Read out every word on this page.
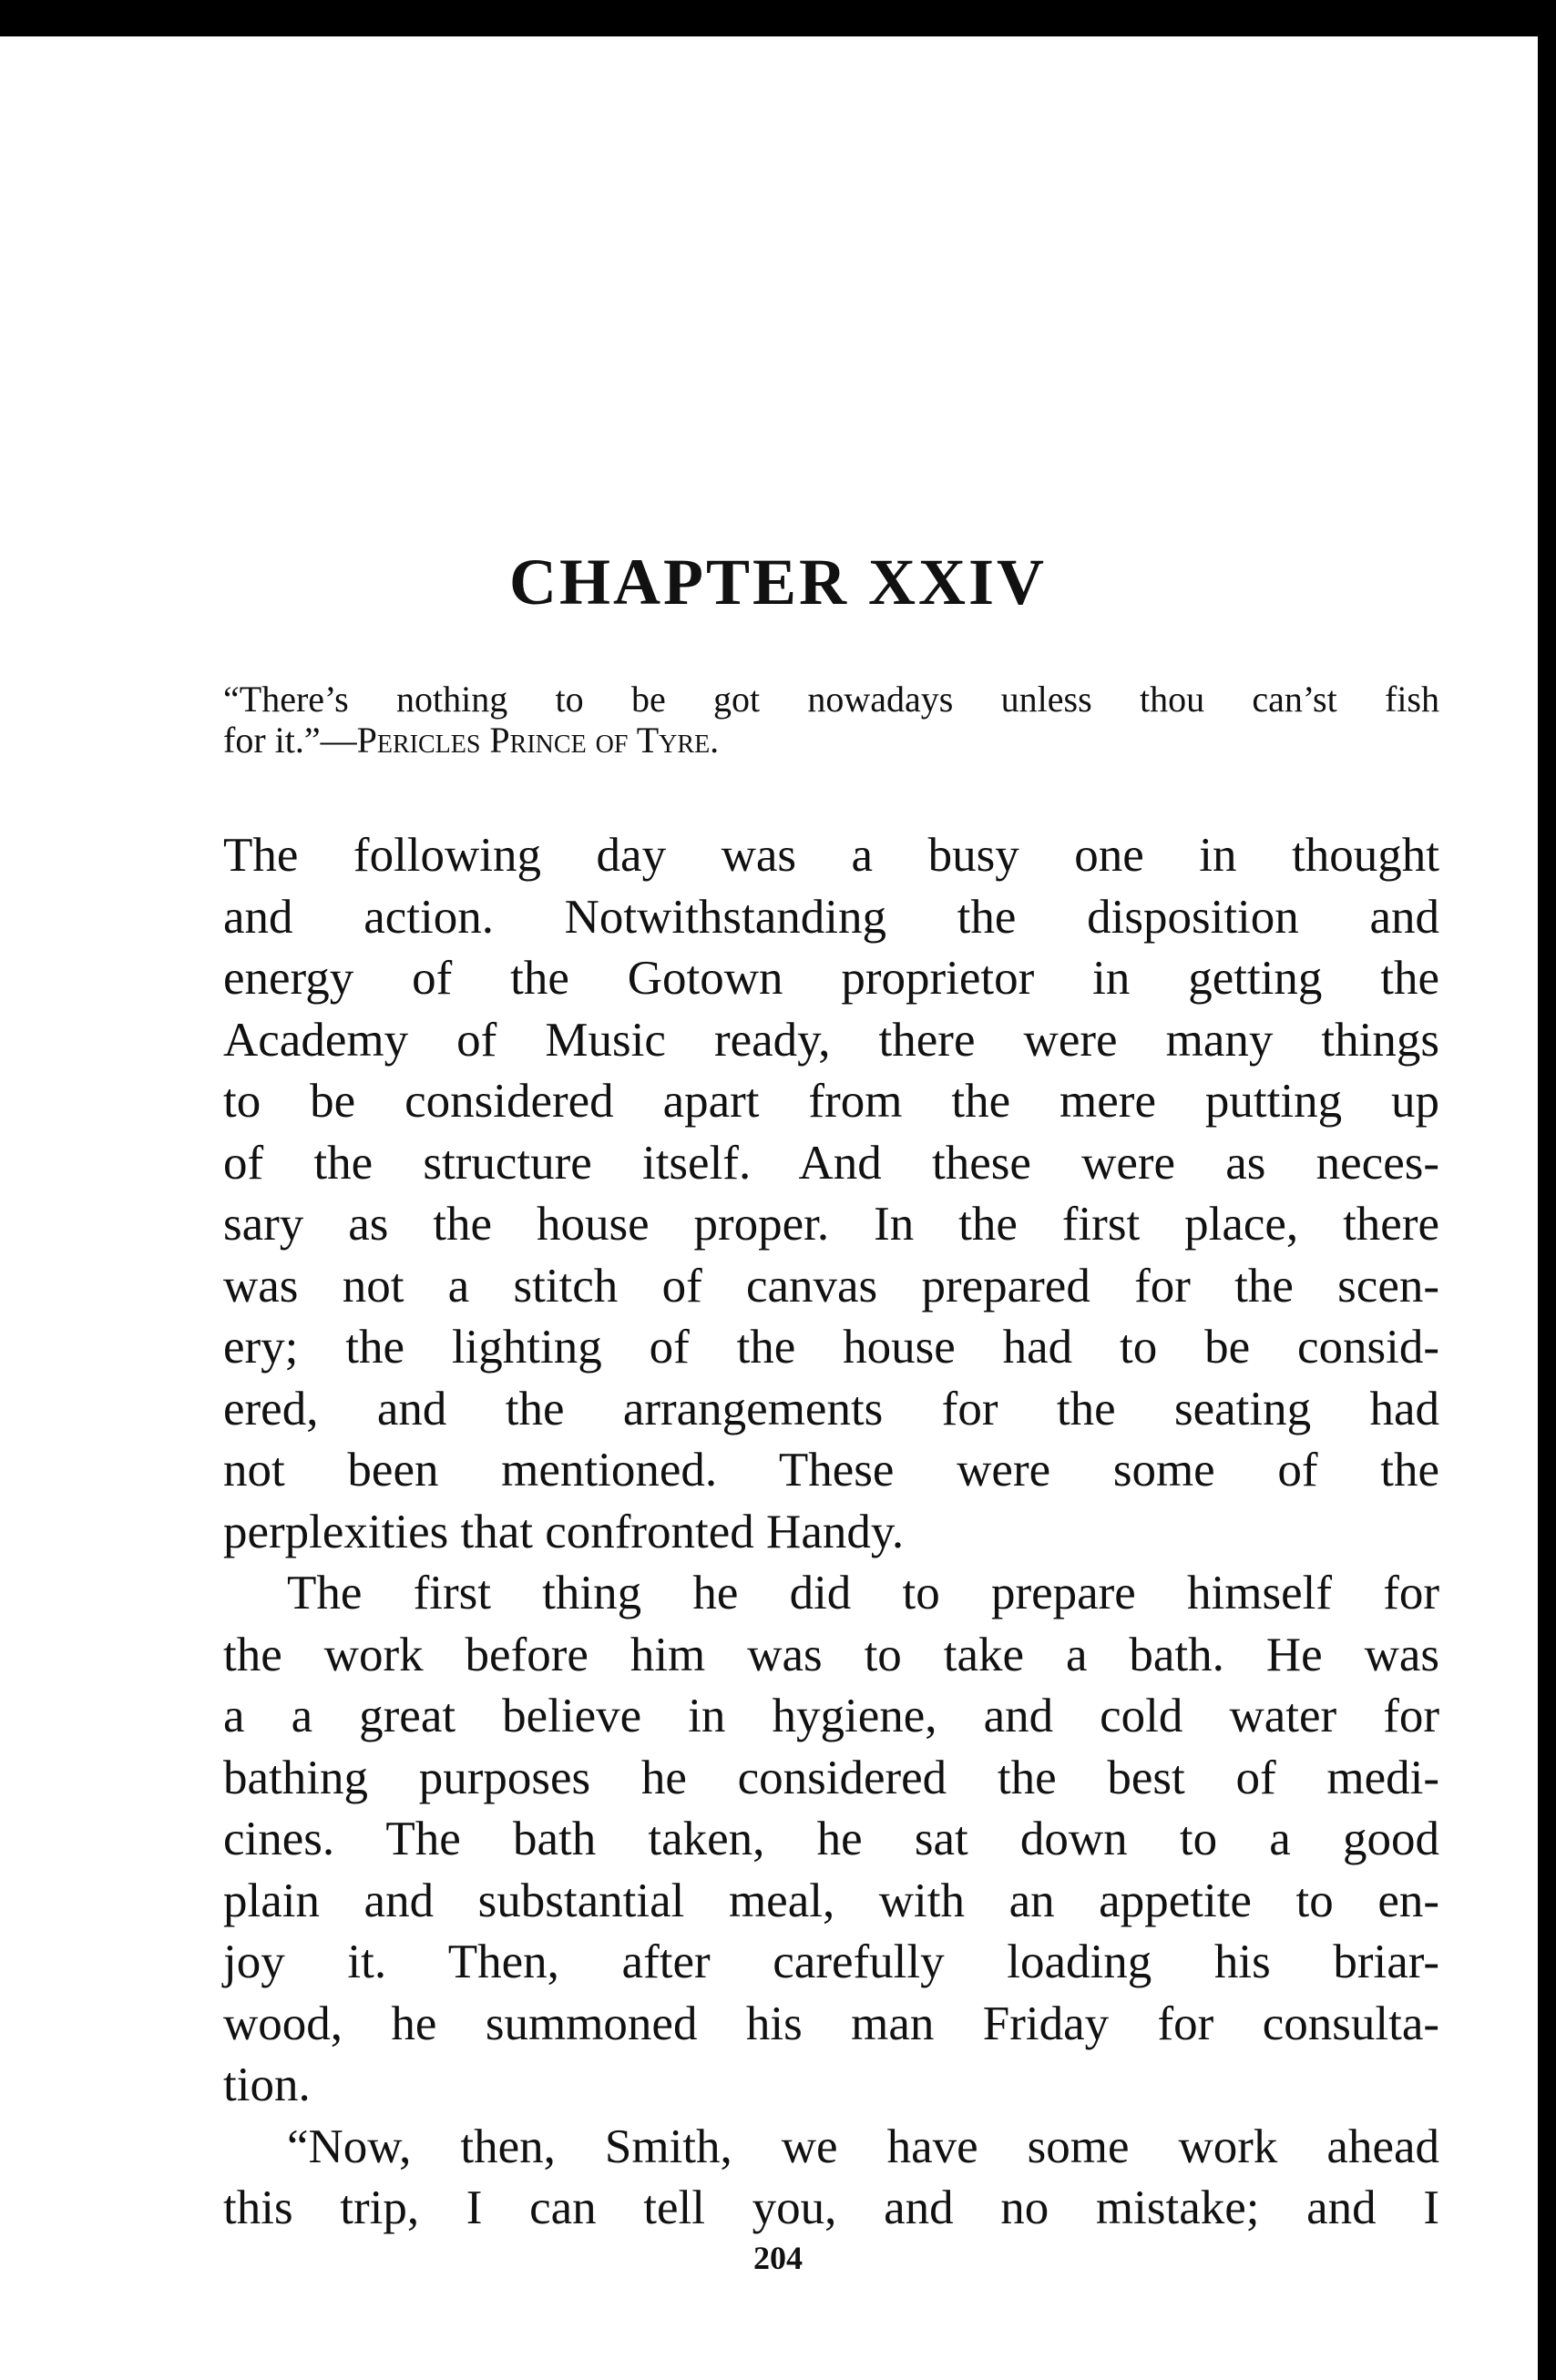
CHAPTER XXIV
“There’s nothing to be got nowadays unless thou can’st fish
for it.”—Pericles Prince of Tyre.
The following day was a busy one in thought
and action. Notwithstanding the disposition and
energy of the Gotown proprietor in getting the
Academy of Music ready, there were many things
to be considered apart from the mere putting up
of the structure itself. And these were as neces-
sary as the house proper. In the first place, there
was not a stitch of canvas prepared for the scen-
ery; the lighting of the house had to be consid-
ered, and the arrangements for the seating had
not been mentioned. These were some of the
perplexities that confronted Handy.
The first thing he did to prepare himself for
the work before him was to take a bath. He was
a a great believe in hygiene, and cold water for
bathing purposes he considered the best of medi-
cines. The bath taken, he sat down to a good
plain and substantial meal, with an appetite to en-
joy it. Then, after carefully loading his briar-
wood, he summoned his man Friday for consulta-
tion.
“Now, then, Smith, we have some work ahead
this trip, I can tell you, and no mistake; and I
204
